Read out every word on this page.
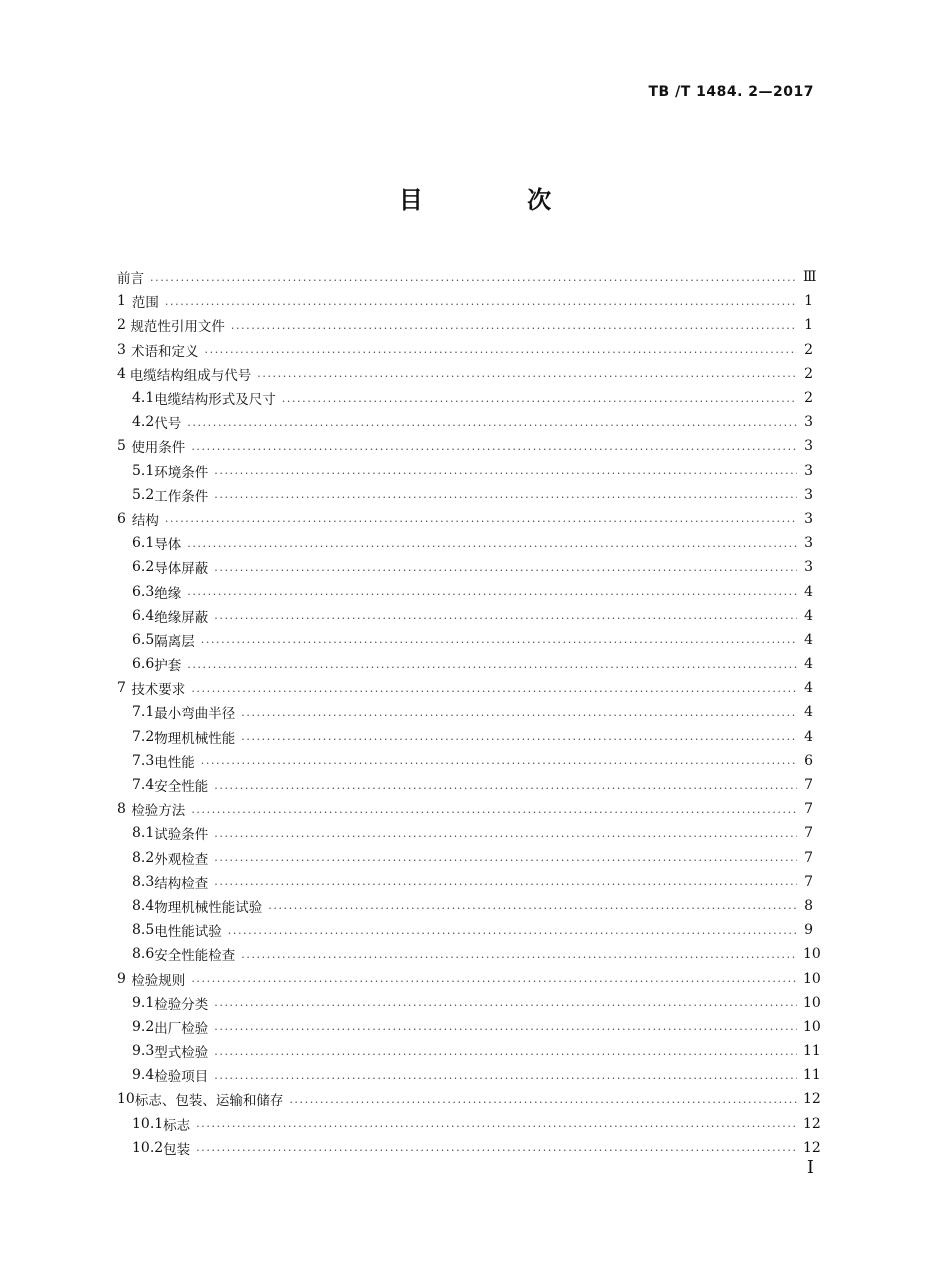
TB /T 1484. 2—2017
目 次
前言 .....	Ⅲ
1 范围 .....	1
2 规范性引用文件 .....	1
3 术语和定义 .....	2
4 电缆结构组成与代号 .....	2
4.1 电缆结构形式及尺寸 .....	2
4.2 代号 .....	3
5 使用条件 .....	3
5.1 环境条件 .....	3
5.2 工作条件 .....	3
6 结构 .....	3
6.1 导体 .....	3
6.2 导体屏蔽 .....	3
6.3 绝缘 .....	4
6.4 绝缘屏蔽 .....	4
6.5 隔离层 .....	4
6.6 护套 .....	4
7 技术要求 .....	4
7.1 最小弯曲半径 .....	4
7.2 物理机械性能 .....	4
7.3 电性能 .....	6
7.4 安全性能 .....	7
8 检验方法 .....	7
8.1 试验条件 .....	7
8.2 外观检查 .....	7
8.3 结构检查 .....	7
8.4 物理机械性能试验 .....	8
8.5 电性能试验 .....	9
8.6 安全性能检查 .....	10
9 检验规则 .....	10
9.1 检验分类 .....	10
9.2 出厂检验 .....	10
9.3 型式检验 .....	11
9.4 检验项目 .....	11
10 标志、包装、运输和储存 .....	12
10.1 标志 .....	12
10.2 包装 .....	12
I
